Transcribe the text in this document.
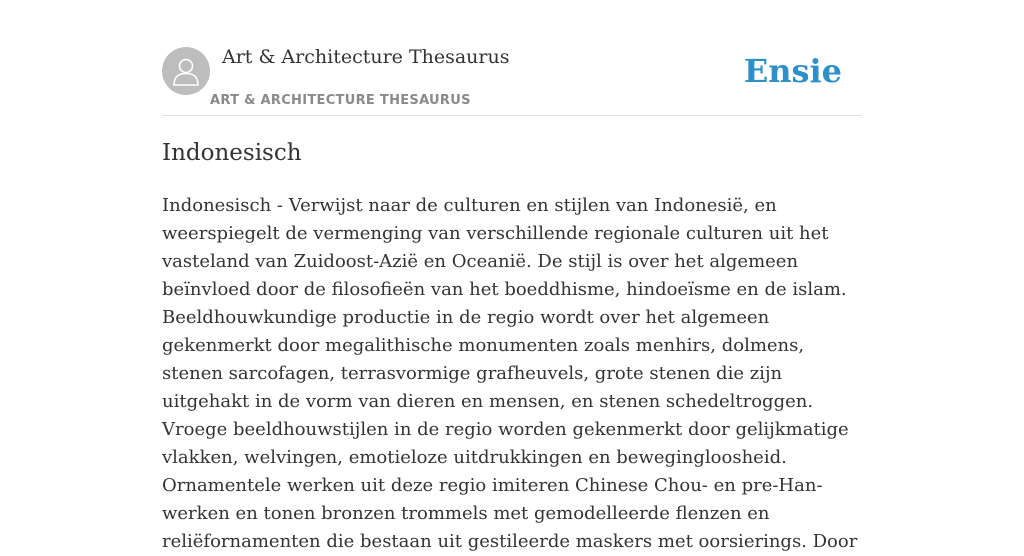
Art & Architecture Thesaurus
ART & ARCHITECTURE THESAURUS
Ensie
Indonesisch

Indonesisch - Verwijst naar de culturen en stijlen van Indonesië, en weerspiegelt de vermenging van verschillende regionale culturen uit het vasteland van Zuidoost-Azië en Oceanië. De stijl is over het algemeen beïnvloed door de filosofieën van het boeddhisme, hindoeïsme en de islam. Beeldhouwkundige productie in de regio wordt over het algemeen gekenmerkt door megalithische monumenten zoals menhirs, dolmens, stenen sarcofagen, terrasvormige grafheuvels, grote stenen die zijn uitgehakt in de vorm van dieren en mensen, en stenen schedeltroggen. Vroege beeldhouwstijlen in de regio worden gekenmerkt door gelijkmatige vlakken, welvingen, emotieloze uitdrukkingen en bewegingloosheid. Ornamentele werken uit deze regio imiteren Chinese Chou- en pre-Han-werken en tonen bronzen trommels met gemodelleerde flenzen en reliëfornamenten die bestaan uit gestileerde maskers met oorsierings. Door
